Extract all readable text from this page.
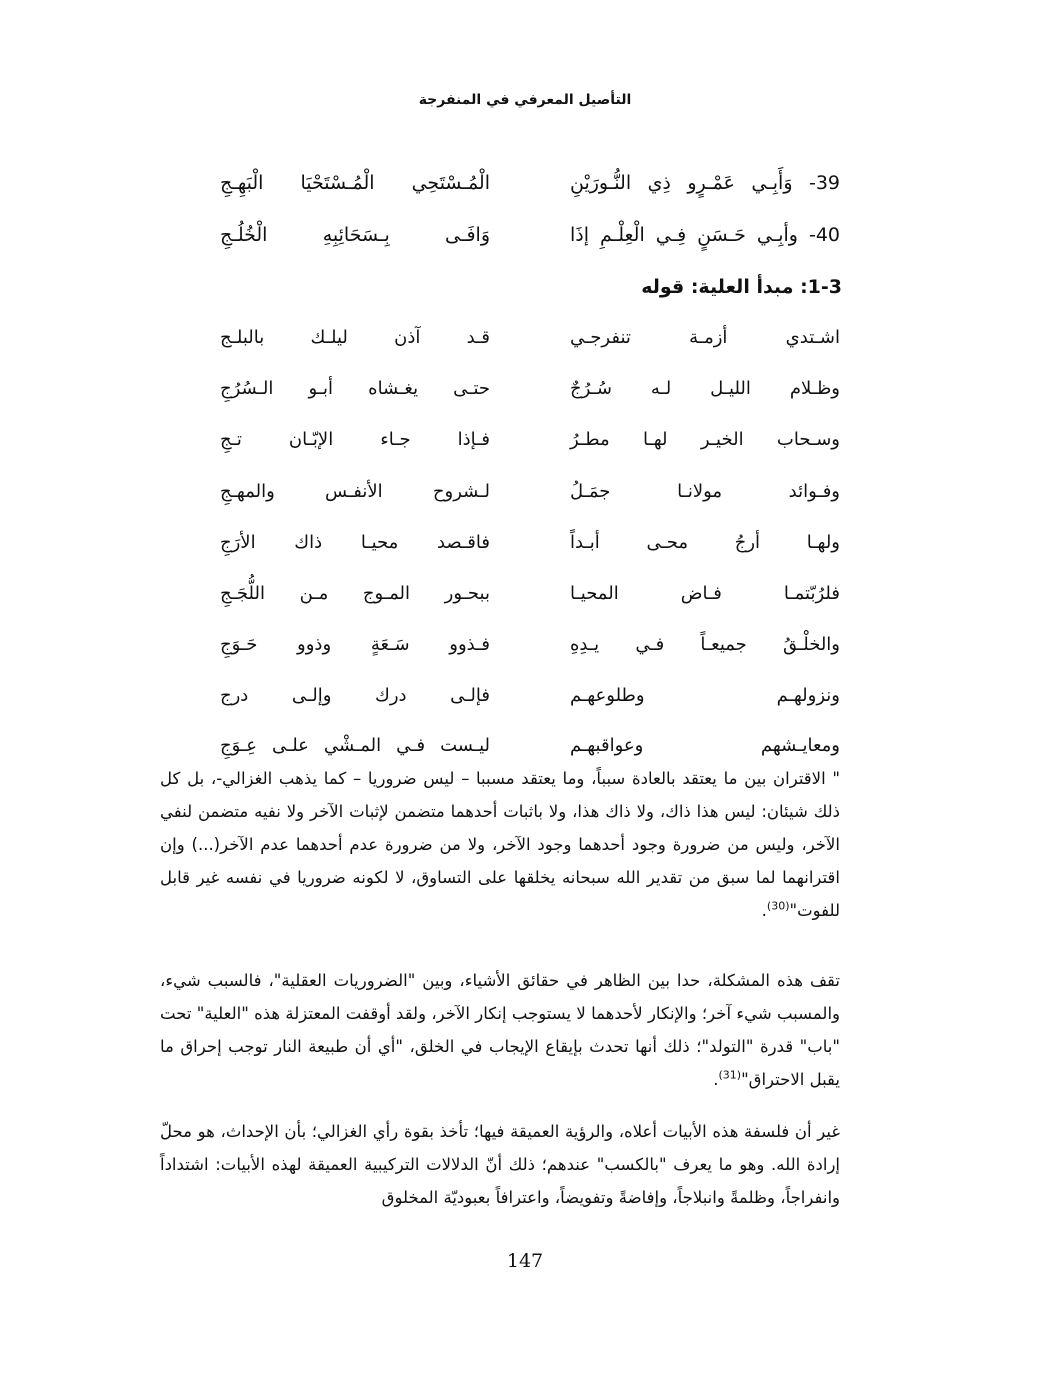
التأصيل المعرفي في المنفرجة
39- وَأَبِـي عَمْـرٍو ذِي النُّـورَيْنِ
الْمُـسْتَحِي الْمُـسْتَحْيَا الْبَهِـجِ
40- وأبِـي حَـسَنٍ فِـي الْعِلْـمِ إذَا
وَافَـى بِـسَحَائِبِهِ الْخُلُـجِ
1-3: مبدأ العلية: قوله
اشـتدي أزمـة تنفرجـي
قـد آذن ليلـك بالبلـج
وظـلام الليـل لـه سُـرُجٌ
حتـى يغـشاه أبـو الـسُرُجِ
وسـحاب الخيـر لهـا مطـرُ
فـإذا جـاء الإبّـان تـجِ
وفـوائد مولانـا جمَـلُ
لـشروح الأنفـس والمهـجِ
ولهـا أرجُ محـى أبـداً
فاقـصد محيـا ذاك الأرَجِ
فلرُبّتمـا فـاض المحيـا
ببحـور المـوج مـن اللُّجَـجِ
والخلْـقُ جميعـاً فـي يـدِهِ
فـذوو سَـعَةٍ وذوو حَـوَجِ
ونزولهـم وطلوعهـم
فإلـى درك وإلـى درج
ومعايـشهم وعواقبهـم
ليـست فـي المـشْي علـى عِـوَجِ

" الاقتران بين ما يعتقد بالعادة سبباً، وما يعتقد مسببا – ليس ضروريا – كما يذهب الغزالي-، بل كل ذلك شيئان: ليس هذا ذاك، ولا ذاك هذا، ولا باثبات أحدهما متضمن لإثبات الآخر ولا نفيه متضمن لنفي الآخر، وليس من ضرورة وجود أحدهما وجود الآخر، ولا من ضرورة عدم أحدهما عدم الآخر(...) وإن اقترانهما لما سبق من تقدير الله سبحانه يخلقها على التساوق، لا لكونه ضروريا في نفسه غير قابل للفوت"$^{(30)}$.

تقف هذه المشكلة، حدا بين الظاهر في حقائق الأشياء، وبين "الضروريات العقلية"، فالسبب شيء، والمسبب شيء آخر؛ والإنكار لأحدهما لا يستوجب إنكار الآخر، ولقد أوقفت المعتزلة هذه "العلية" تحت "باب" قدرة "التولد"؛ ذلك أنها تحدث بإيقاع الإيجاب في الخلق، "أي أن طبيعة النار توجب إحراق ما يقبل الاحتراق"$^{(31)}$.

غير أن فلسفة هذه الأبيات أعلاه، والرؤية العميقة فيها؛ تأخذ بقوة رأي الغزالي؛ بأن الإحداث، هو محلّ إرادة الله. وهو ما يعرف "بالكسب" عندهم؛ ذلك أنّ الدلالات التركيبية العميقة لهذه الأبيات: اشتداداً وانفراجاً، وظلمةً وانبلاجاً، وإفاضةً وتفويضاً، واعترافاً بعبوديّة المخلوق

147
